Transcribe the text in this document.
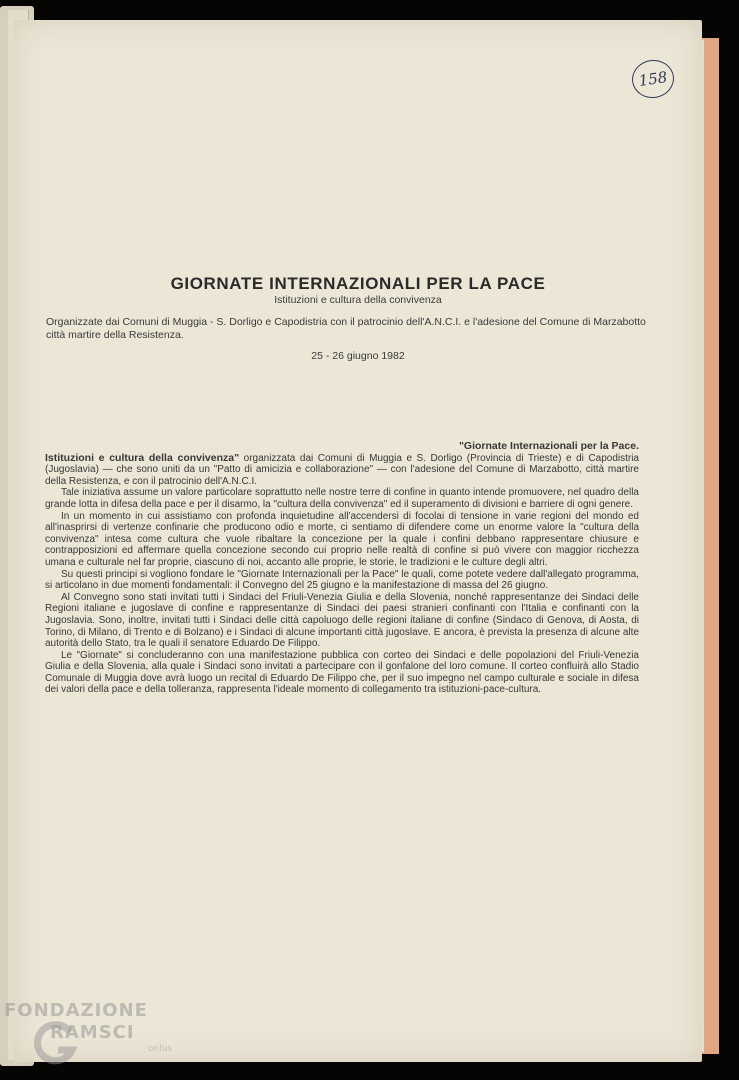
158
GIORNATE INTERNAZIONALI PER LA PACE

Istituzioni e cultura della convivenza

Organizzate dai Comuni di Muggia - S. Dorligo e Capodistria con il patrocinio dell'A.N.C.I. e l'adesione del Comune di Marzabotto città martire della Resistenza.

25 - 26 giugno 1982

"Giornate Internazionali per la Pace.

Istituzioni e cultura della convivenza" organizzata dai Comuni di Muggia e S. Dorligo (Provincia di Trieste) e di Capodistria (Jugoslavia) — che sono uniti da un "Patto di amicizia e collaborazione" — con l'adesione del Comune di Marzabotto, città martire della Resistenza, e con il patrocinio dell'A.N.C.I.

Tale iniziativa assume un valore particolare soprattutto nelle nostre terre di confine in quanto intende promuovere, nel quadro della grande lotta in difesa della pace e per il disarmo, la "cultura della convivenza" ed il superamento di divisioni e barriere di ogni genere.

In un momento in cui assistiamo con profonda inquietudine all'accendersi di focolai di tensione in varie regioni del mondo ed all'inasprirsi di vertenze confinarie che producono odio e morte, ci sentiamo di difendere come un enorme valore la "cultura della convivenza" intesa come cultura che vuole ribaltare la concezione per la quale i confini debbano rappresentare chiusure e contrapposizioni ed affermare quella concezione secondo cui proprio nelle realtà di confine si può vivere con maggior ricchezza umana e culturale nel far proprie, ciascuno di noi, accanto alle proprie, le storie, le tradizioni e le culture degli altri.

Su questi principi si vogliono fondare le "Giornate Internazionali per la Pace" le quali, come potete vedere dall'allegato programma, si articolano in due momenti fondamentali: il Convegno del 25 giugno e la manifestazione di massa del 26 giugno.

Al Convegno sono stati invitati tutti i Sindaci del Friuli-Venezia Giulia e della Slovenia, nonché rappresentanze dei Sindaci delle Regioni italiane e jugoslave di confine e rappresentanze di Sindaci dei paesi stranieri confinanti con l'Italia e confinanti con la Jugoslavia. Sono, inoltre, invitati tutti i Sindaci delle città capoluogo delle regioni italiane di confine (Sindaco di Genova, di Aosta, di Torino, di Milano, di Trento e di Bolzano) e i Sindaci di alcune importanti città jugoslave. E ancora, è prevista la presenza di alcune alte autorità dello Stato, tra le quali il senatore Eduardo De Filippo.

Le "Giornate" si concluderanno con una manifestazione pubblica con corteo dei Sindaci e delle popolazioni del Friuli-Venezia Giulia e della Slovenia, alla quale i Sindaci sono invitati a partecipare con il gonfalone del loro comune. Il corteo confluirà allo Stadio Comunale di Muggia dove avrà luogo un recital di Eduardo De Filippo che, per il suo impegno nel campo culturale e sociale in difesa dei valori della pace e della tolleranza, rappresenta l'ideale momento di collegamento tra istituzioni-pace-cultura.

FONDAZIONE
RAMSCI
onlus
